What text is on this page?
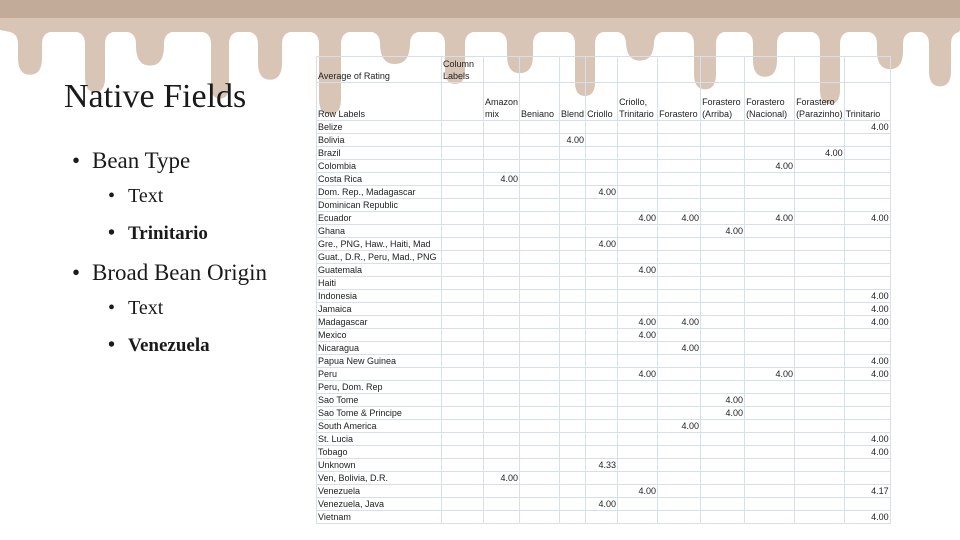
Native Fields
• Bean Type
• Text
• Trinitario
• Broad Bean Origin
• Text
• Venezuela
Average of Rating	Column Labels										
Row Labels		Amazon mix	Beniano	Blend	Criollo	Criollo, Trinitario	Forastero	Forastero (Arriba)	Forastero (Nacional)	Forastero (Parazinho)	Trinitario
Belize											4.00
Bolivia				4.00							
Brazil										4.00	
Colombia									4.00		
Costa Rica		4.00									
Dom. Rep., Madagascar					4.00						
Dominican Republic											
Ecuador						4.00	4.00		4.00		4.00
Ghana								4.00			
Gre., PNG, Haw., Haiti, Mad					4.00						
Guat., D.R., Peru, Mad., PNG											
Guatemala						4.00					
Haiti											
Indonesia											4.00
Jamaica											4.00
Madagascar						4.00	4.00				4.00
Mexico						4.00					
Nicaragua							4.00				
Papua New Guinea											4.00
Peru						4.00			4.00		4.00
Peru, Dom. Rep											
Sao Tome								4.00			
Sao Tome & Principe								4.00			
South America							4.00				
St. Lucia											4.00
Tobago											4.00
Unknown					4.33						
Ven, Bolivia, D.R.		4.00									
Venezuela						4.00					4.17
Venezuela, Java					4.00						
Vietnam											4.00
